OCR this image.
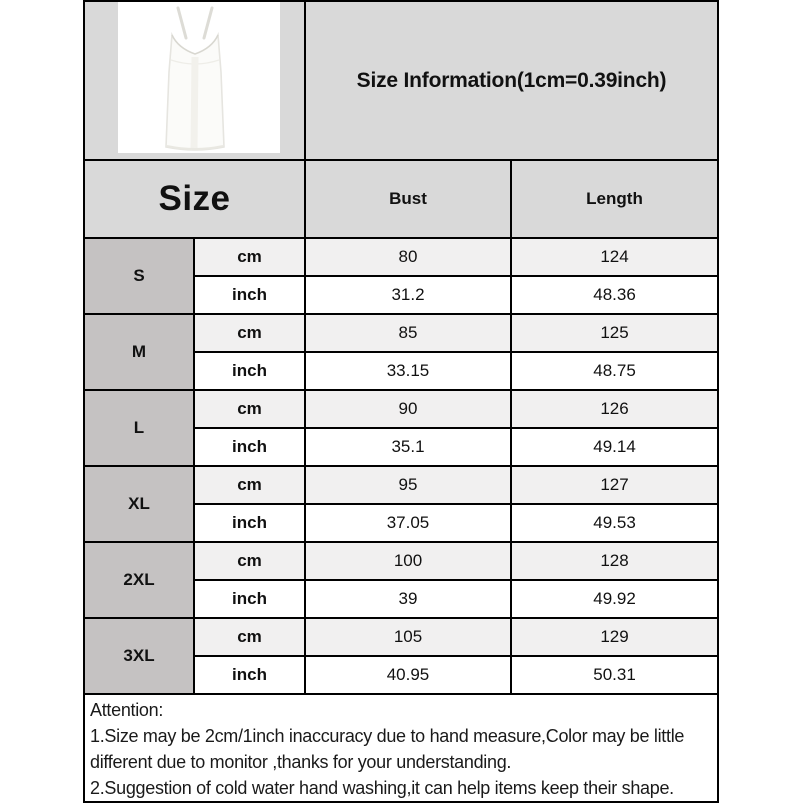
	Size Information(1cm=0.39inch)	
Size		Bust	Length
S	cm	80	124
	inch	31.2	48.36
M	cm	85	125
	inch	33.15	48.75
L	cm	90	126
	inch	35.1	49.14
XL	cm	95	127
	inch	37.05	49.53
2XL	cm	100	128
	inch	39	49.92
3XL	cm	105	129
	inch	40.95	50.31

Attention:
1.Size may be 2cm/1inch inaccuracy due to hand measure,Color may be little
different due to monitor ,thanks for your understanding.
2.Suggestion of cold water hand washing,it can help items keep their shape.			
